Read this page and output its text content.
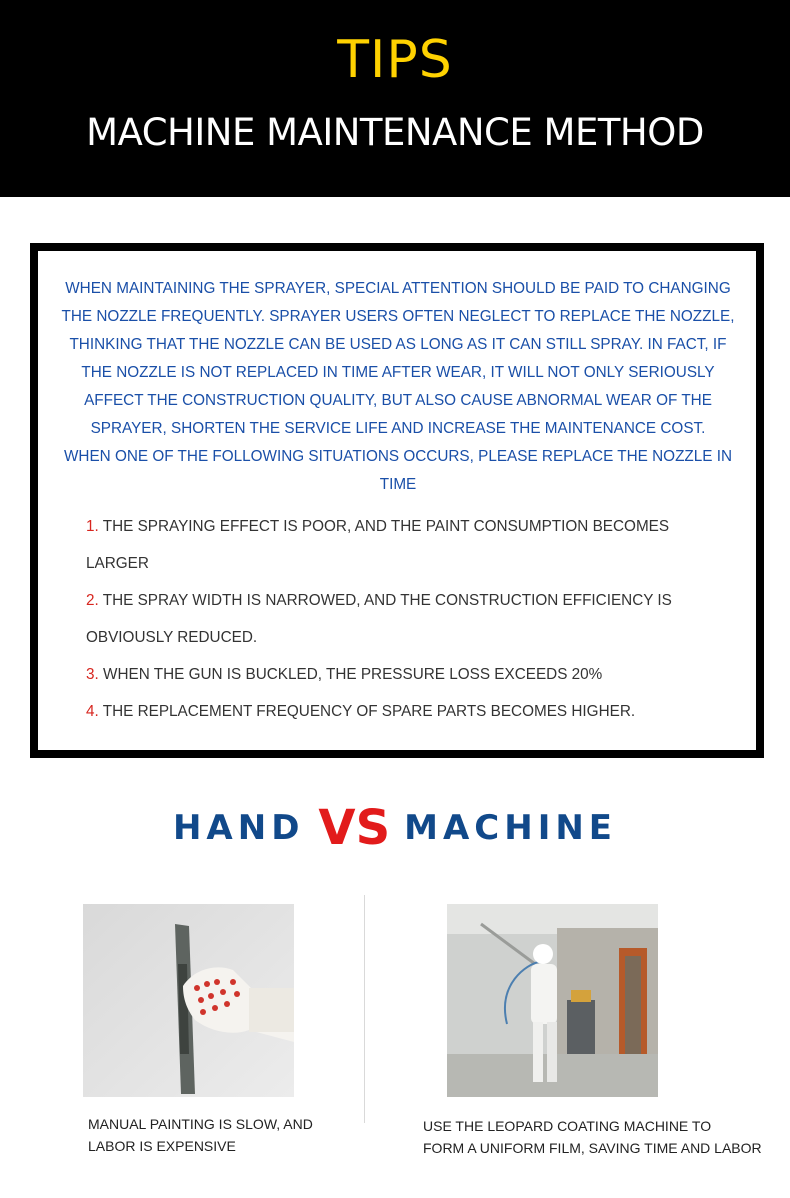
TIPS
MACHINE MAINTENANCE METHOD

WHEN MAINTAINING THE SPRAYER, SPECIAL ATTENTION SHOULD BE PAID TO CHANGING

THE NOZZLE FREQUENTLY. SPRAYER USERS OFTEN NEGLECT TO REPLACE THE NOZZLE,

THINKING THAT THE NOZZLE CAN BE USED AS LONG AS IT CAN STILL SPRAY. IN FACT, IF

THE NOZZLE IS NOT REPLACED IN TIME AFTER WEAR, IT WILL NOT ONLY SERIOUSLY

AFFECT THE CONSTRUCTION QUALITY, BUT ALSO CAUSE ABNORMAL WEAR OF THE

SPRAYER, SHORTEN THE SERVICE LIFE AND INCREASE THE MAINTENANCE COST.

WHEN ONE OF THE FOLLOWING SITUATIONS OCCURS, PLEASE REPLACE THE NOZZLE IN

TIME

1. THE SPRAYING EFFECT IS POOR, AND THE PAINT CONSUMPTION BECOMES

LARGER

2. THE SPRAY WIDTH IS NARROWED, AND THE CONSTRUCTION EFFICIENCY IS

OBVIOUSLY REDUCED.

3. WHEN THE GUN IS BUCKLED, THE PRESSURE LOSS EXCEEDS 20%

4. THE REPLACEMENT FREQUENCY OF SPARE PARTS BECOMES HIGHER.

HAND VS MACHINE
MANUAL PAINTING IS SLOW, AND
LABOR IS EXPENSIVE
USE THE LEOPARD COATING MACHINE TO
FORM A UNIFORM FILM, SAVING TIME AND LABOR
